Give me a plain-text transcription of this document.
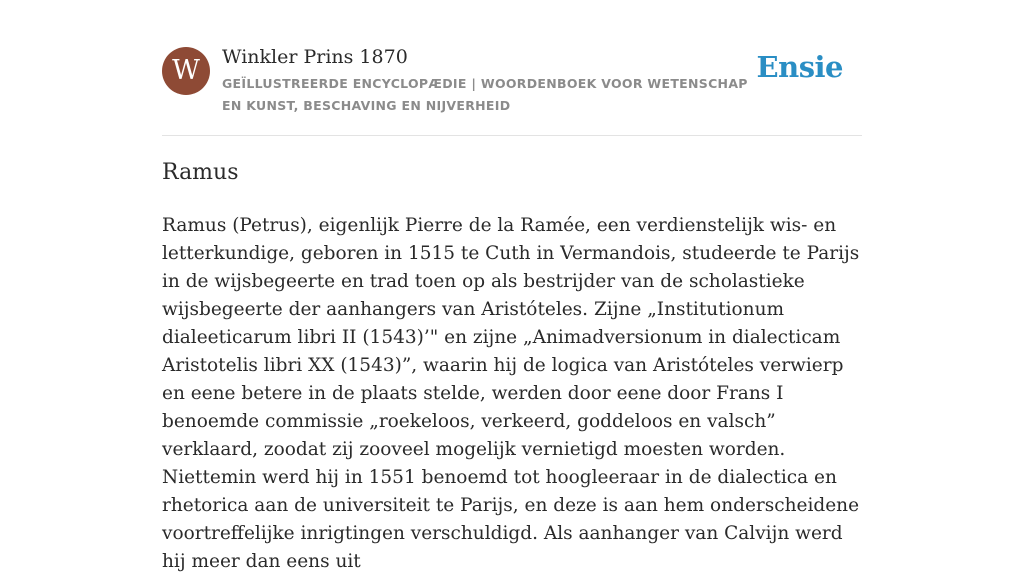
W	Winkler Prins 1870
GEÏLLUSTREERDE ENCYCLOPÆDIE | WOORDENBOEK VOOR WETENSCHAP EN KUNST, BESCHAVING EN NIJVERHEID
Ensie
Ramus

Ramus (Petrus), eigenlijk Pierre de la Ramée, een verdienstelijk wis- en letterkundige, geboren in 1515 te Cuth in Vermandois, studeerde te Parijs in de wijsbegeerte en trad toen op als bestrijder van de scholastieke wijsbegeerte der aanhangers van Aristóteles. Zijne „Institutionum dialeeticarum libri II (1543)’" en zijne „Animadversionum in dialecticam Aristotelis libri XX (1543)”, waarin hij de logica van Aristóteles verwierp en eene betere in de plaats stelde, werden door eene door Frans I benoemde commissie „roekeloos, verkeerd, goddeloos en valsch” verklaard, zoodat zij zooveel mogelijk vernietigd moesten worden. Niettemin werd hij in 1551 benoemd tot hoogleeraar in de dialectica en rhetorica aan de universiteit te Parijs, en deze is aan hem onderscheidene voortreffelijke inrigtingen verschuldigd. Als aanhanger van Calvijn werd hij meer dan eens uit
